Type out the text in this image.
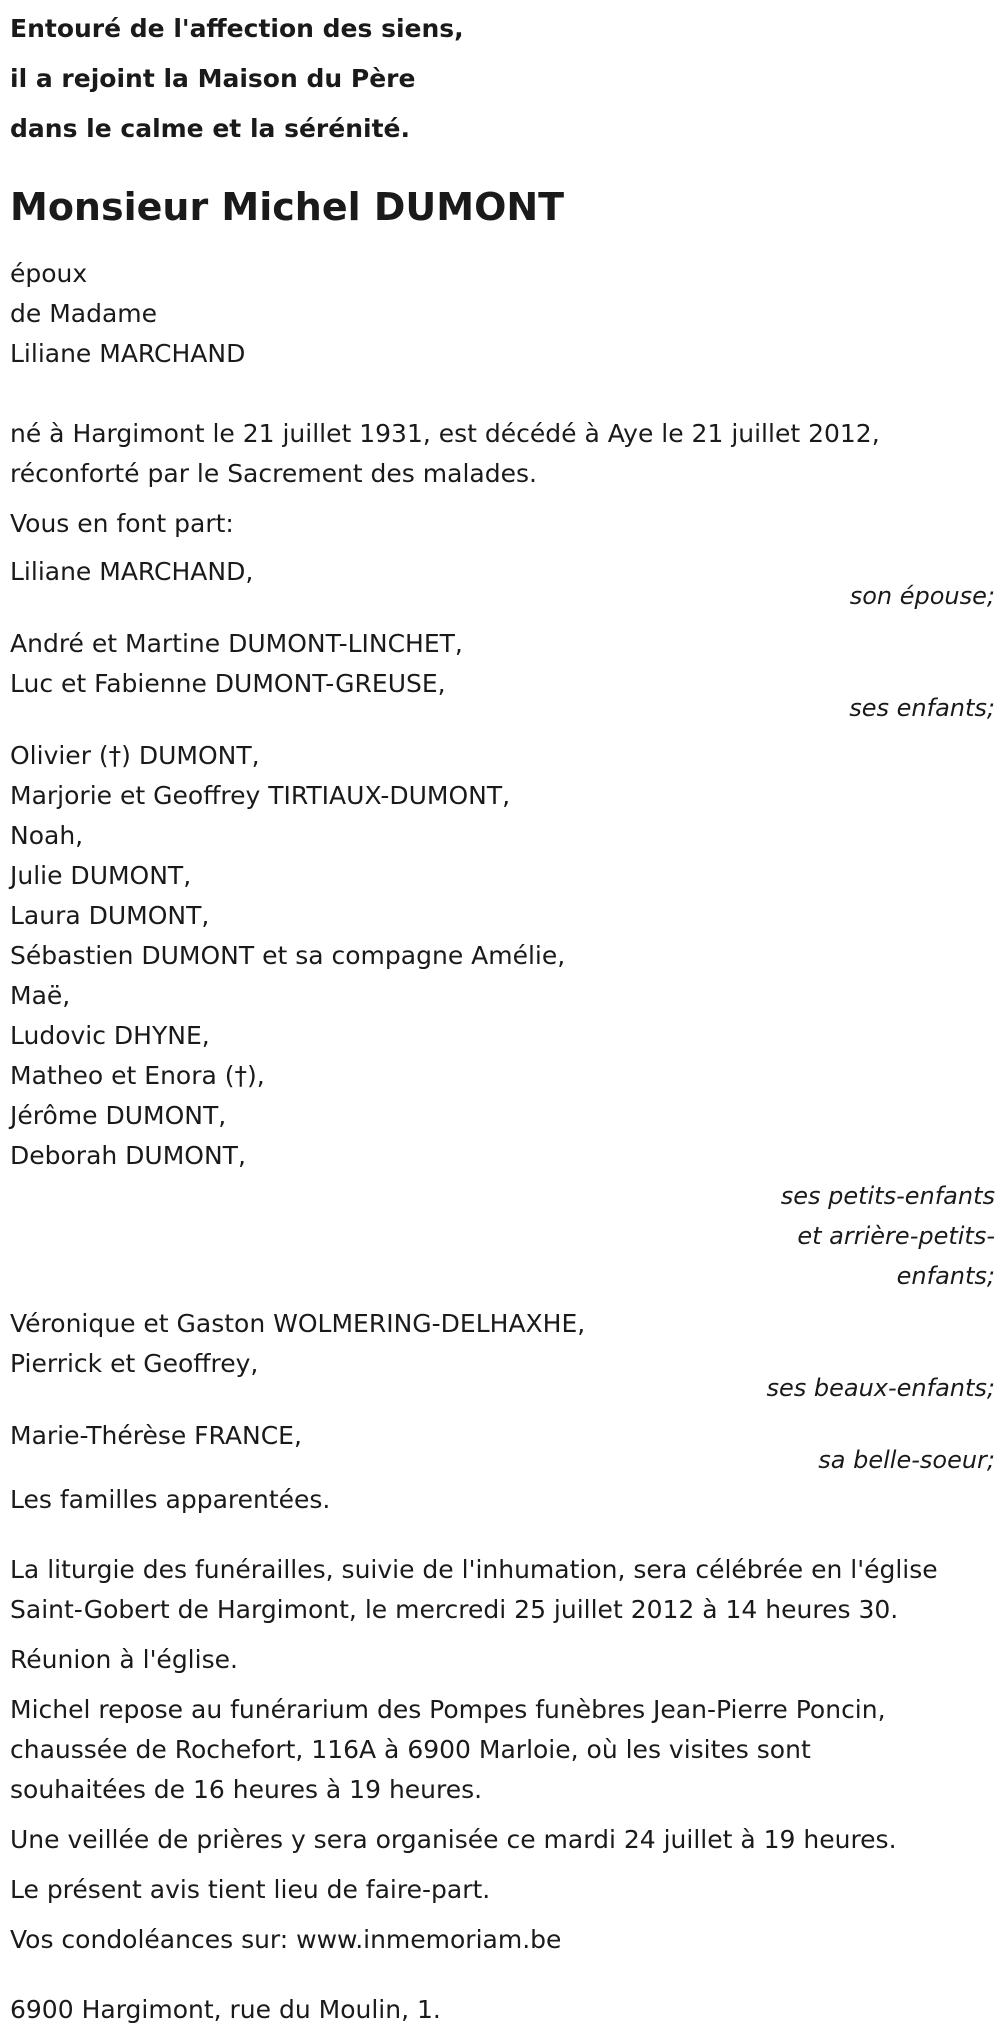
Entouré de l'affection des siens,

il a rejoint la Maison du Père

dans le calme et la sérénité.

Monsieur Michel DUMONT

époux

de Madame

Liliane MARCHAND

né à Hargimont le 21 juillet 1931, est décédé à Aye le 21 juillet 2012,

réconforté par le Sacrement des malades.

Vous en font part:

Liliane MARCHAND,

son épouse;

André et Martine DUMONT-LINCHET,

Luc et Fabienne DUMONT-GREUSE,

ses enfants;

Olivier (†) DUMONT,

Marjorie et Geoffrey TIRTIAUX-DUMONT,

Noah,

Julie DUMONT,

Laura DUMONT,

Sébastien DUMONT et sa compagne Amélie,

Maë,

Ludovic DHYNE,

Matheo et Enora (†),

Jérôme DUMONT,

Deborah DUMONT,

ses petits-enfants

et arrière-petits-

enfants;

Véronique et Gaston WOLMERING-DELHAXHE,

Pierrick et Geoffrey,

ses beaux-enfants;

Marie-Thérèse FRANCE,

sa belle-soeur;

Les familles apparentées.

La liturgie des funérailles, suivie de l'inhumation, sera célébrée en l'église

Saint-Gobert de Hargimont, le mercredi 25 juillet 2012 à 14 heures 30.

Réunion à l'église.

Michel repose au funérarium des Pompes funèbres Jean-Pierre Poncin,

chaussée de Rochefort, 116A à 6900 Marloie, où les visites sont

souhaitées de 16 heures à 19 heures.

Une veillée de prières y sera organisée ce mardi 24 juillet à 19 heures.

Le présent avis tient lieu de faire-part.

Vos condoléances sur: www.inmemoriam.be

6900 Hargimont, rue du Moulin, 1.
